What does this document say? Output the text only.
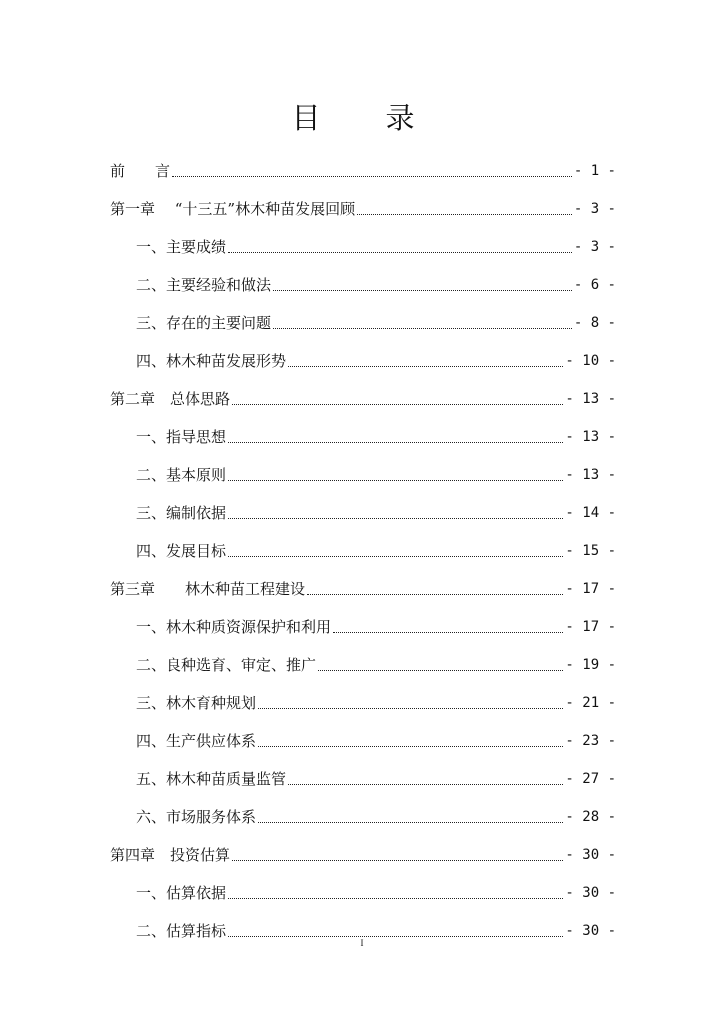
目　录
前　　言	- 1 -
第一章　 “十三五”林木种苗发展回顾	- 3 -
一、主要成绩	- 3 -
二、主要经验和做法	- 6 -
三、存在的主要问题	- 8 -
四、林木种苗发展形势	- 10 -
第二章　总体思路	- 13 -
一、指导思想	- 13 -
二、基本原则	- 13 -
三、编制依据	- 14 -
四、发展目标	- 15 -
第三章　　林木种苗工程建设	- 17 -
一、林木种质资源保护和利用	- 17 -
二、良种选育、审定、推广	- 19 -
三、林木育种规划	- 21 -
四、生产供应体系	- 23 -
五、林木种苗质量监管	- 27 -
六、市场服务体系	- 28 -
第四章　投资估算	- 30 -
一、估算依据	- 30 -
二、估算指标	- 30 -
I
